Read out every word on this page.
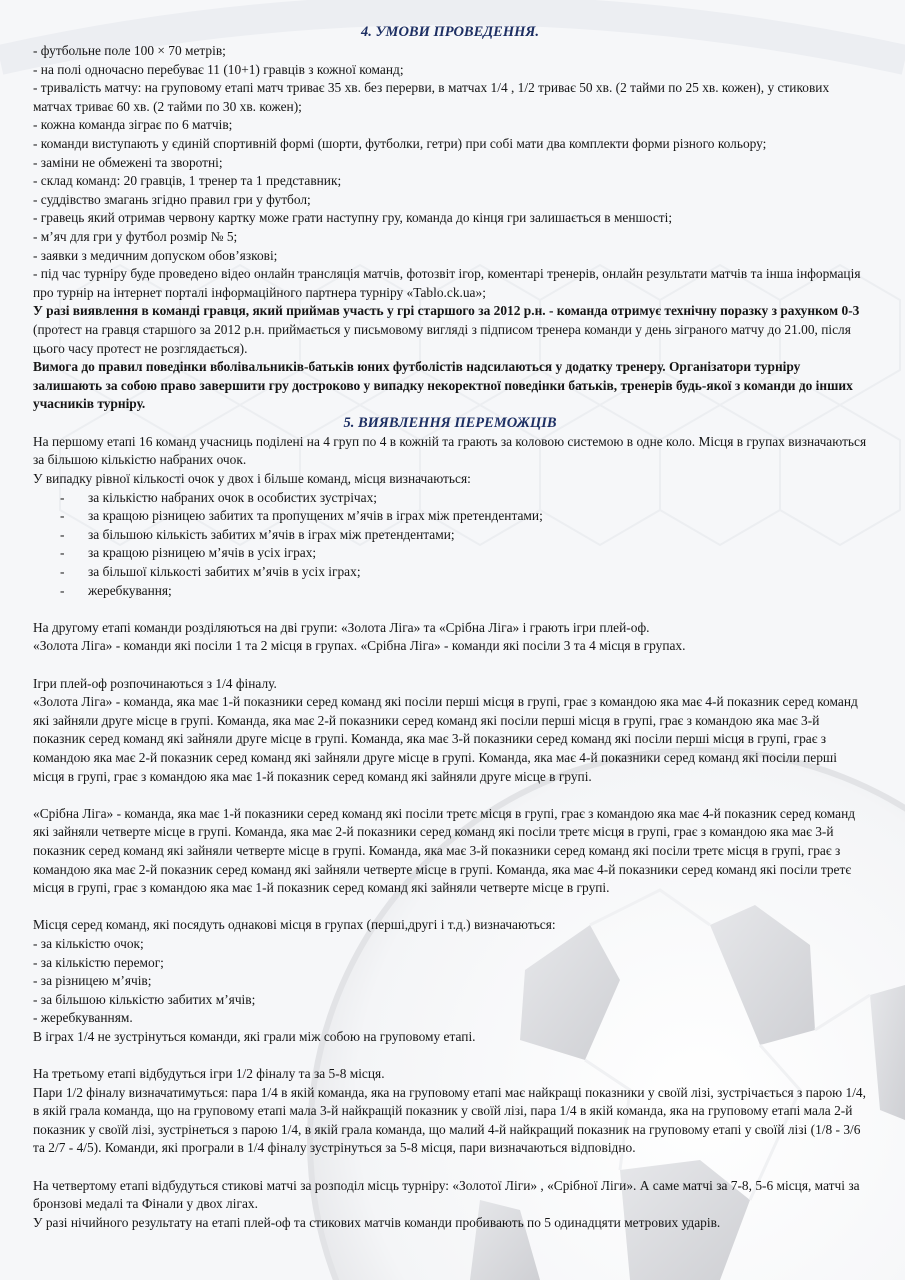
4. УМОВИ ПРОВЕДЕННЯ.

- футбольне поле 100 × 70 метрів;

- на полі одночасно перебуває 11 (10+1) гравців з кожної команд;

- тривалість матчу: на груповому етапі матч триває 35 хв. без перерви, в матчах 1/4 , 1/2 триває 50 хв. (2 тайми по 25 хв. кожен), у стикових матчах триває 60 хв. (2 тайми по 30 хв. кожен);

- кожна команда зіграє по 6 матчів;

- команди виступають у єдиній спортивній формі (шорти, футболки, гетри) при собі мати два комплекти форми різного кольору;

- заміни не обмежені та зворотні;

- склад команд: 20 гравців, 1 тренер та 1 представник;

- суддівство змагань згідно правил гри у футбол;

- гравець який отримав червону картку може грати наступну гру, команда до кінця гри залишається в меншості;

- м’яч для гри у футбол розмір № 5;

- заявки з медичним допуском обов’язкові;

- під час турніру буде проведено відео онлайн трансляція матчів, фотозвіт ігор, коментарі тренерів, онлайн результати матчів та інша інформація про турнір на інтернет порталі інформаційного партнера турніру «Tablo.ck.ua»;

У разі виявлення в команді гравця, який приймав участь у грі старшого за 2012 р.н. - команда отримує технічну поразку з рахунком 0-3 (протест на гравця старшого за 2012 р.н. приймається у письмовому вигляді з підписом тренера команди у день зіграного матчу до 21.00, після цього часу протест не розглядається).

Вимога до правил поведінки вболівальників-батьків юних футболістів надсилаються у додатку тренеру. Організатори турніру залишають за собою право завершити гру достроково у випадку некоректної поведінки батьків, тренерів будь-якої з команди до інших учасників турніру.

5. ВИЯВЛЕННЯ ПЕРЕМОЖЦІВ

На першому етапі 16 команд учасниць поділені на 4 груп по 4 в кожній та грають за коловою системою в одне коло. Місця в групах визначаються за більшою кількістю набраних очок.

У випадку рівної кількості очок у двох і більше команд, місця визначаються:

- за кількістю набраних очок в особистих зустрічах;
- за кращою різницею забитих та пропущених м’ячів в іграх між претендентами;
- за більшою кількість забитих м’ячів в іграх між претендентами;
- за кращою різницею м’ячів в усіх іграх;
- за більшої кількості забитих м’ячів в усіх іграх;
- жеребкування;

На другому етапі команди розділяються на дві групи: «Золота Ліга» та «Срібна Ліга» і грають ігри плей-оф.

«Золота Ліга» - команди які посіли 1 та 2 місця в групах. «Срібна Ліга» - команди які посіли 3 та 4 місця в групах.

Ігри плей-оф розпочинаються з 1/4 фіналу.

«Золота Ліга» - команда, яка має 1-й показники серед команд які посіли перші місця в групі, грає з командою яка має 4-й показник серед команд які зайняли друге місце в групі. Команда, яка має 2-й показники серед команд які посіли перші місця в групі, грає з командою яка має 3-й показник серед команд які зайняли друге місце в групі. Команда, яка має 3-й показники серед команд які посіли перші місця в групі, грає з командою яка має 2-й показник серед команд які зайняли друге місце в групі. Команда, яка має 4-й показники серед команд які посіли перші місця в групі, грає з командою яка має 1-й показник серед команд які зайняли друге місце в групі.

«Срібна Ліга» - команда, яка має 1-й показники серед команд які посіли третє місця в групі, грає з командою яка має 4-й показник серед команд які зайняли четверте місце в групі. Команда, яка має 2-й показники серед команд які посіли третє місця в групі, грає з командою яка має 3-й показник серед команд які зайняли четверте місце в групі. Команда, яка має 3-й показники серед команд які посіли третє місця в групі, грає з командою яка має 2-й показник серед команд які зайняли четверте місце в групі. Команда, яка має 4-й показники серед команд які посіли третє місця в групі, грає з командою яка має 1-й показник серед команд які зайняли четверте місце в групі.

Місця серед команд, які посядуть однакові місця в групах (перші,другі і т.д.) визначаються:

- за кількістю очок;

- за кількістю перемог;

- за різницею м’ячів;

- за більшою кількістю забитих м’ячів;

- жеребкуванням.

В іграх 1/4 не зустрінуться команди, які грали між собою на груповому етапі.

На третьому етапі відбудуться ігри 1/2 фіналу та за 5-8 місця.

Пари 1/2 фіналу визначатимуться: пара 1/4 в якій команда, яка на груповому етапі має найкращі показники у своїй лізі, зустрічається з парою 1/4, в якій грала команда, що на груповому етапі мала 3-й найкращій показник у своїй лізі, пара 1/4 в якій команда, яка на груповому етапі мала 2-й показник у своїй лізі, зустрінеться з парою 1/4, в якій грала команда, що малий 4-й найкращий показник на груповому етапі у своїй лізі (1/8 - 3/6 та 2/7 - 4/5). Команди, які програли в 1/4 фіналу зустрінуться за 5-8 місця, пари визначаються відповідно.

На четвертому етапі відбудуться стикові матчі за розподіл місць турніру: «Золотої Ліги» , «Срібної Ліги». А саме матчі за 7-8, 5-6 місця, матчі за бронзові медалі та Фінали у двох лігах.

У разі нічийного результату на етапі плей-оф та стикових матчів команди пробивають по 5 одинадцяти метрових ударів.
